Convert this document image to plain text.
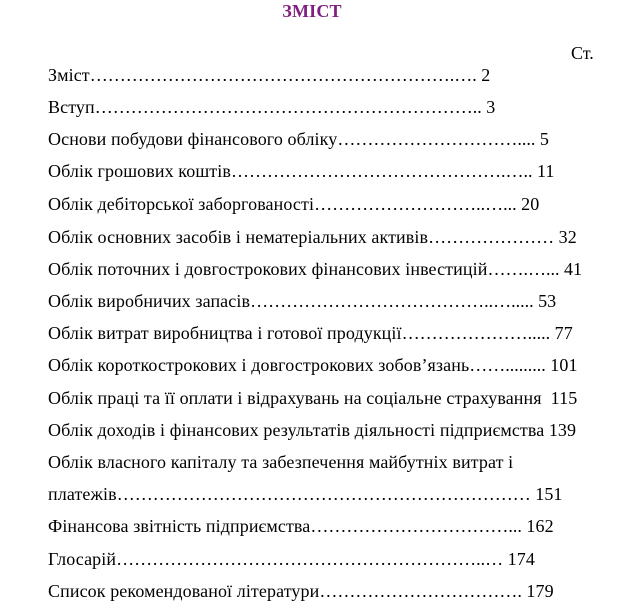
ЗМІСТ
Ст.
Зміст…………………………………………………….…. 2
Вступ……………………………………………………….. 3
Основи побудови фінансового обліку………………………….... 5
Облік грошових коштів……………………………………….….. 11
Облік дебіторської заборгованості………………………..…... 20
Облік основних засобів і нематеріальних активів………………… 32
Облік поточних і довгострокових фінансових інвестицій…….…... 41
Облік виробничих запасів…………………………………..…..... 53
Облік витрат виробництва і готової продукції…………………..... 77
Облік короткострокових і довгострокових зобов’язань……......... 101
Облік праці та її оплати і відрахувань на соціальне страхування 115
Облік доходів і фінансових результатів діяльності підприємства 139
Облік власного капіталу та забезпечення майбутніх витрат і
платежів…………………………………………………………… 151
Фінансова звітність підприємства……………………………... 162
Глосарій……………………………………………………..… 174
Список рекомендованої літератури……………………………. 179
